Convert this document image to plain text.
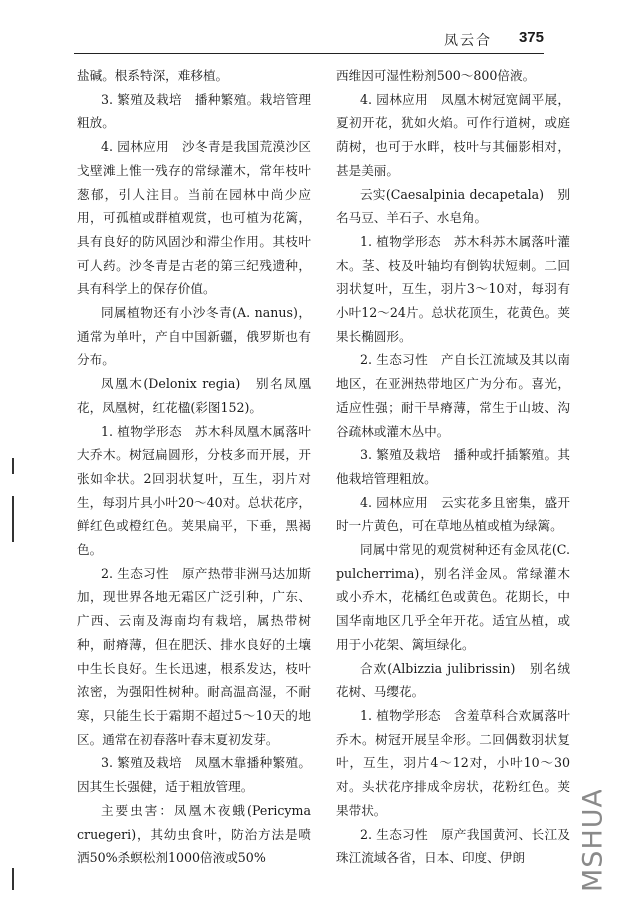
凤云合 375

盐碱。根系特深，难移植。

3. 繁殖及栽培　播种繁殖。栽培管理粗放。

4. 园林应用　沙冬青是我国荒漠沙区戈壁滩上惟一残存的常绿灌木，常年枝叶葱郁，引人注目。当前在园林中尚少应用，可孤植或群植观赏，也可植为花篱，具有良好的防风固沙和滞尘作用。其枝叶可人药。沙冬青是古老的第三纪残遗种，具有科学上的保存价值。

同属植物还有小沙冬青(A. nanus)，通常为单叶，产自中国新疆，俄罗斯也有分布。

凤凰木(Delonix regia)　别名凤凰花，凤凰树，红花楹(彩图152)。

1. 植物学形态　苏木科凤凰木属落叶大乔木。树冠扁圆形，分枝多而开展，开张如伞状。2回羽状复叶，互生，羽片对生，每羽片具小叶20～40对。总状花序，鲜红色或橙红色。荚果扁平，下垂，黑褐色。

2. 生态习性　原产热带非洲马达加斯加，现世界各地无霜区广泛引种，广东、广西、云南及海南均有栽培，属热带树种，耐瘠薄，但在肥沃、排水良好的土壤中生长良好。生长迅速，根系发达，枝叶浓密，为强阳性树种。耐高温高湿，不耐寒，只能生长于霜期不超过5～10天的地区。通常在初春落叶春末夏初发芽。

3. 繁殖及栽培　凤凰木靠播种繁殖。因其生长强健，适于粗放管理。

主要虫害：凤凰木夜蛾(Pericyma cruegeri)，其幼虫食叶，防治方法是喷洒50%杀螟松剂1000倍液或50%

西维因可湿性粉剂500～800倍液。

4. 园林应用　凤凰木树冠宽阔平展，夏初开花，犹如火焰。可作行道树，或庭荫树，也可于水畔，枝叶与其俪影相对，甚是美丽。

云实(Caesalpinia decapetala)　别名马豆、羊石子、水皂角。

1. 植物学形态　苏木科苏木属落叶灌木。茎、枝及叶轴均有倒钩状短刺。二回羽状复叶，互生，羽片3～10对，每羽有小叶12～24片。总状花顶生，花黄色。荚果长椭圆形。

2. 生态习性　产自长江流域及其以南地区，在亚洲热带地区广为分布。喜光，适应性强；耐干旱瘠薄，常生于山坡、沟谷疏林或灌木丛中。

3. 繁殖及栽培　播种或扦插繁殖。其他栽培管理粗放。

4. 园林应用　云实花多且密集，盛开时一片黄色，可在草地丛植或植为绿篱。

同属中常见的观赏树种还有金凤花(C. pulcherrima)，别名洋金凤。常绿灌木或小乔木，花橘红色或黄色。花期长，中国华南地区几乎全年开花。适宜丛植，或用于小花架、篱垣绿化。

合欢(Albizzia julibrissin)　别名绒花树、马缨花。

1. 植物学形态　含羞草科合欢属落叶乔木。树冠开展呈伞形。二回偶数羽状复叶，互生，羽片4～12对，小叶10～30对。头状花序排成伞房状，花粉红色。荚果带状。

2. 生态习性　原产我国黄河、长江及珠江流域各省，日本、印度、伊朗	MSHUA
